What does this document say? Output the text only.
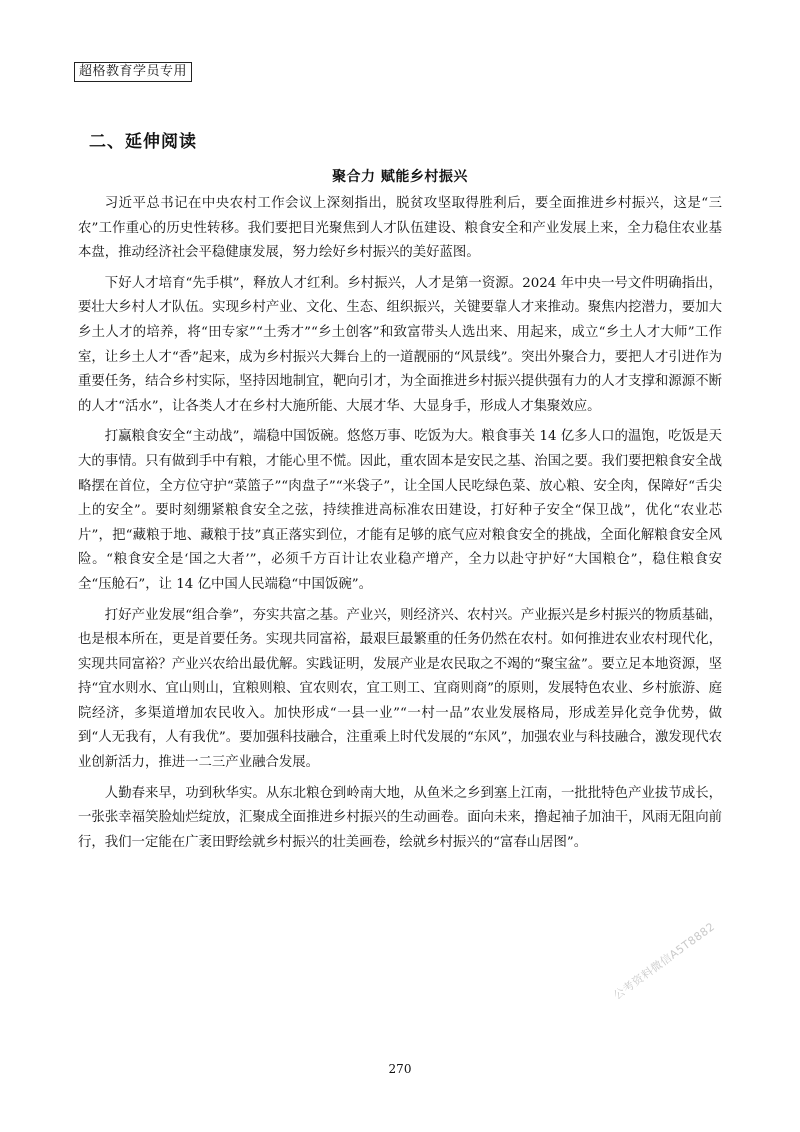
超格教育学员专用
二、延伸阅读
聚合力 赋能乡村振兴

习近平总书记在中央农村工作会议上深刻指出，脱贫攻坚取得胜利后，要全面推进乡村振兴，这是“三农”工作重心的历史性转移。我们要把目光聚焦到人才队伍建设、粮食安全和产业发展上来，全力稳住农业基本盘，推动经济社会平稳健康发展，努力绘好乡村振兴的美好蓝图。

下好人才培育“先手棋”，释放人才红利。乡村振兴，人才是第一资源。2024 年中央一号文件明确指出，要壮大乡村人才队伍。实现乡村产业、文化、生态、组织振兴，关键要靠人才来推动。聚焦内挖潜力，要加大乡土人才的培养，将“田专家”“土秀才”“乡土创客”和致富带头人选出来、用起来，成立“乡土人才大师”工作室，让乡土人才“香”起来，成为乡村振兴大舞台上的一道靓丽的“风景线”。突出外聚合力，要把人才引进作为重要任务，结合乡村实际，坚持因地制宜，靶向引才，为全面推进乡村振兴提供强有力的人才支撑和源源不断的人才“活水”，让各类人才在乡村大施所能、大展才华、大显身手，形成人才集聚效应。

打赢粮食安全“主动战”，端稳中国饭碗。悠悠万事、吃饭为大。粮食事关 14 亿多人口的温饱，吃饭是天大的事情。只有做到手中有粮，才能心里不慌。因此，重农固本是安民之基、治国之要。我们要把粮食安全战略摆在首位，全方位守护“菜篮子”“肉盘子”“米袋子”，让全国人民吃绿色菜、放心粮、安全肉，保障好“舌尖上的安全”。要时刻绷紧粮食安全之弦，持续推进高标准农田建设，打好种子安全“保卫战”，优化“农业芯片”，把“藏粮于地、藏粮于技”真正落实到位，才能有足够的底气应对粮食安全的挑战，全面化解粮食安全风险。“粮食安全是‘国之大者’”，必须千方百计让农业稳产增产，全力以赴守护好“大国粮仓”，稳住粮食安全“压舱石”，让 14 亿中国人民端稳“中国饭碗”。

打好产业发展“组合拳”，夯实共富之基。产业兴，则经济兴、农村兴。产业振兴是乡村振兴的物质基础，也是根本所在，更是首要任务。实现共同富裕，最艰巨最繁重的任务仍然在农村。如何推进农业农村现代化，实现共同富裕？产业兴农给出最优解。实践证明，发展产业是农民取之不竭的“聚宝盆”。要立足本地资源，坚持“宜水则水、宜山则山，宜粮则粮、宜农则农，宜工则工、宜商则商”的原则，发展特色农业、乡村旅游、庭院经济，多渠道增加农民收入。加快形成“一县一业”“一村一品”农业发展格局，形成差异化竞争优势，做到“人无我有，人有我优”。要加强科技融合，注重乘上时代发展的“东风”，加强农业与科技融合，激发现代农业创新活力，推进一二三产业融合发展。

人勤春来早，功到秋华实。从东北粮仓到岭南大地，从鱼米之乡到塞上江南，一批批特色产业拔节成长，一张张幸福笑脸灿烂绽放，汇聚成全面推进乡村振兴的生动画卷。面向未来，撸起袖子加油干，风雨无阻向前行，我们一定能在广袤田野绘就乡村振兴的壮美画卷，绘就乡村振兴的“富春山居图”。

公考资料微信A5T8882
270
